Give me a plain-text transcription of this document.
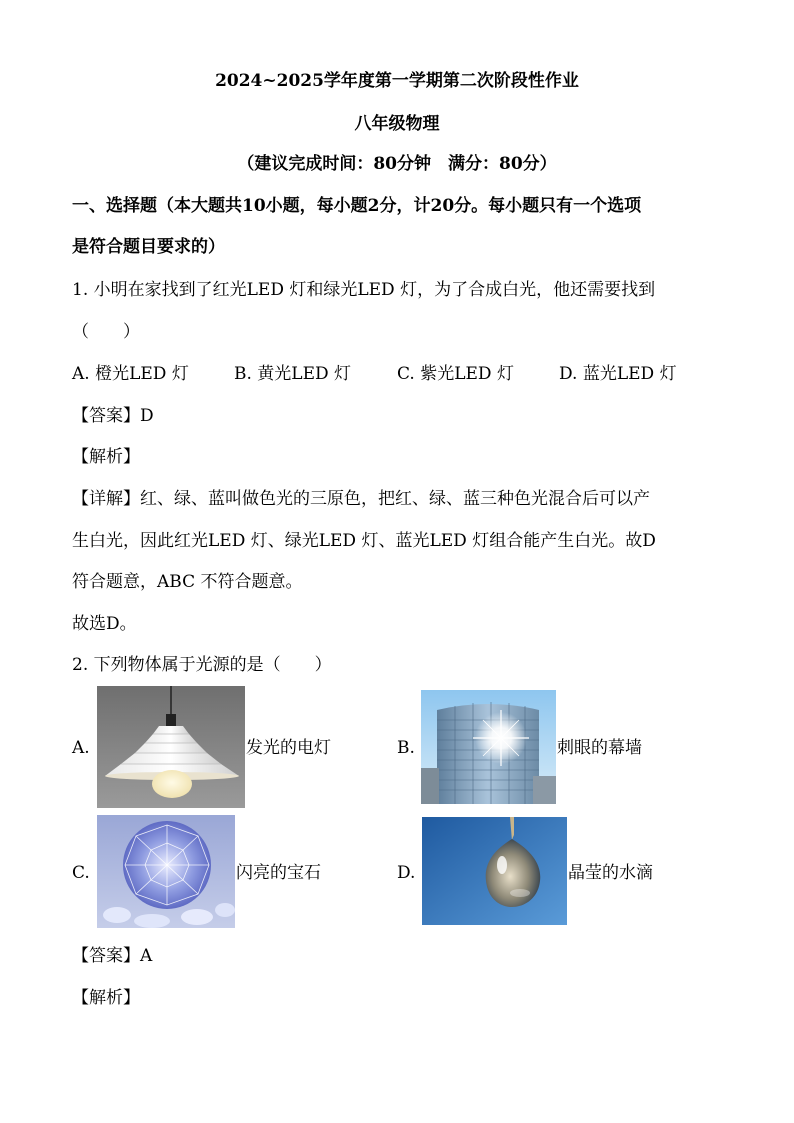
2024~2025学年度第一学期第二次阶段性作业
八年级物理
（建议完成时间：80分钟　满分：80分）
一、选择题（本大题共10小题，每小题2分，计20分。每小题只有一个选项
是符合题目要求的）
1. 小明在家找到了红光LED 灯和绿光LED 灯，为了合成白光，他还需要找到
（　　）
A. 橙光LED 灯	B. 黄光LED 灯	C. 紫光LED 灯	D. 蓝光LED 灯
【答案】D
【解析】
【详解】红、绿、蓝叫做色光的三原色，把红、绿、蓝三种色光混合后可以产
生白光，因此红光LED 灯、绿光LED 灯、蓝光LED 灯组合能产生白光。故D
符合题意，ABC 不符合题意。
故选D。
2. 下列物体属于光源的是（　　）
A.	发光的电灯	B.	刺眼的幕墙
C.	闪亮的宝石	D.	晶莹的水滴
【答案】A
【解析】
